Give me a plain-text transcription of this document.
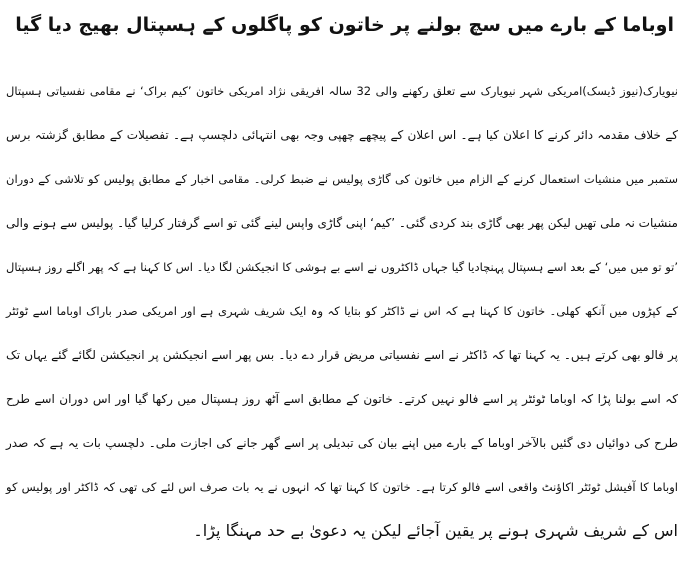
اوباما کے بارے میں سچ بولنے پر خاتون کو پاگلوں کے ہسپتال بھیج دیا گیا
نیویارک(نیوز ڈیسک)امریکی شہر نیویارک سے تعلق رکھنے والی 32 سالہ افریقی نژاد امریکی خاتون ’کیم براک‘ نے مقامی نفسیاتی ہسپتال
کے خلاف مقدمہ دائر کرنے کا اعلان کیا ہے۔ اس اعلان کے پیچھے چھپی وجہ بھی انتہائی دلچسپ ہے۔ تفصیلات کے مطابق گزشتہ برس
ستمبر میں منشیات استعمال کرنے کے الزام میں خاتون کی گاڑی پولیس نے ضبط کرلی۔ مقامی اخبار کے مطابق پولیس کو تلاشی کے دوران
منشیات نہ ملی تھیں لیکن پھر بھی گاڑی بند کردی گئی۔ ’کیم‘ اپنی گاڑی واپس لینے گئی تو اسے گرفتار کرلیا گیا۔ پولیس سے ہونے والی
’تو تو میں میں‘ کے بعد اسے ہسپتال پہنچادیا گیا جہاں ڈاکٹروں نے اسے بے ہوشی کا انجیکشن لگا دیا۔ اس کا کہنا ہے کہ پھر اگلے روز ہسپتال
کے کپڑوں میں آنکھ کھلی۔ خاتون کا کہنا ہے کہ اس نے ڈاکٹر کو بتایا کہ وہ ایک شریف شہری ہے اور امریکی صدر باراک اوباما اسے ٹوئٹر
پر فالو بھی کرتے ہیں۔ یہ کہنا تھا کہ ڈاکٹر نے اسے نفسیاتی مریض قرار دے دیا۔ بس پھر اسے انجیکشن پر انجیکشن لگائے گئے یہاں تک
کہ اسے بولنا پڑا کہ اوباما ٹوئٹر پر اسے فالو نہیں کرتے۔ خاتون کے مطابق اسے آٹھ روز ہسپتال میں رکھا گیا اور اس دوران اسے طرح
طرح کی دوائیاں دی گئیں بالآخر اوباما کے بارے میں اپنے بیان کی تبدیلی پر اسے گھر جانے کی اجازت ملی۔ دلچسپ بات یہ ہے کہ صدر
اوباما کا آفیشل ٹوئٹر اکاؤنٹ واقعی اسے فالو کرتا ہے۔ خاتون کا کہنا تھا کہ انہوں نے یہ بات صرف اس لئے کی تھی کہ ڈاکٹر اور پولیس کو
اس کے شریف شہری ہونے پر یقین آجائے لیکن یہ دعویٰ بے حد مہنگا پڑا۔
